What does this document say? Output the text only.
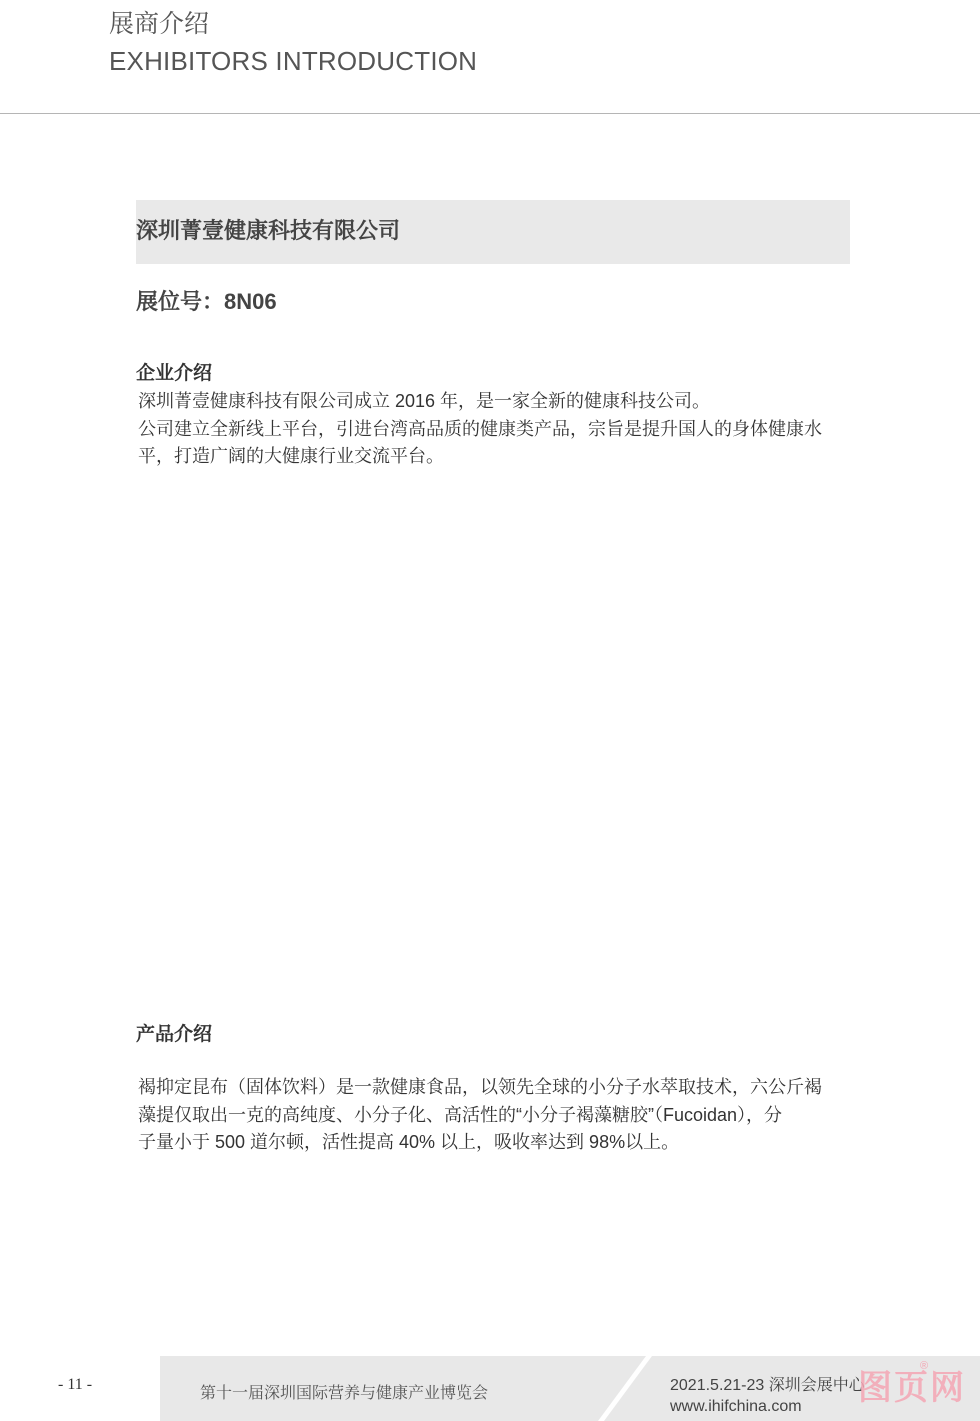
展商介绍
EXHIBITORS INTRODUCTION
深圳菁壹健康科技有限公司
展位号：8N06
企业介绍
深圳菁壹健康科技有限公司成立 2016 年，是一家全新的健康科技公司。
公司建立全新线上平台，引进台湾高品质的健康类产品，宗旨是提升国人的身体健康水
平，打造广阔的大健康行业交流平台。
产品介绍
褐抑定昆布（固体饮料）是一款健康食品，以领先全球的小分子水萃取技术，六公斤褐
藻提仅取出一克的高纯度、小分子化、高活性的“小分子褐藻糖胶”（Fucoidan），分
子量小于 500 道尔顿，活性提高 40% 以上，吸收率达到 98%以上。
- 11 -
第十一届深圳国际营养与健康产业博览会	2021.5.21-23 深圳会展中心
www.ihifchina.com 图页网
®
